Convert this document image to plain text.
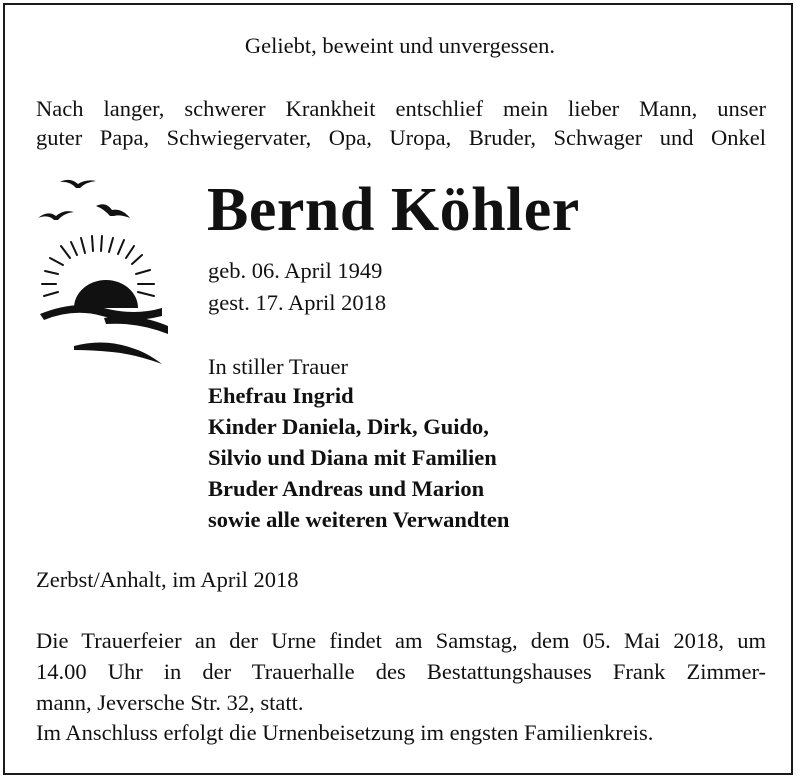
Geliebt, beweint und unvergessen.
Nach langer, schwerer Krankheit entschlief mein lieber Mann, unser
guter Papa, Schwiegervater, Opa, Uropa, Bruder, Schwager und Onkel
Bernd Köhler
geb. 06. April 1949
gest. 17. April 2018
In stiller Trauer
Ehefrau Ingrid
Kinder Daniela, Dirk, Guido,
Silvio und Diana mit Familien
Bruder Andreas und Marion
sowie alle weiteren Verwandten
Zerbst/Anhalt, im April 2018
Die Trauerfeier an der Urne findet am Samstag, dem 05. Mai 2018, um
14.00 Uhr in der Trauerhalle des Bestattungshauses Frank Zimmer-
mann, Jeversche Str. 32, statt.
Im Anschluss erfolgt die Urnenbeisetzung im engsten Familienkreis.
